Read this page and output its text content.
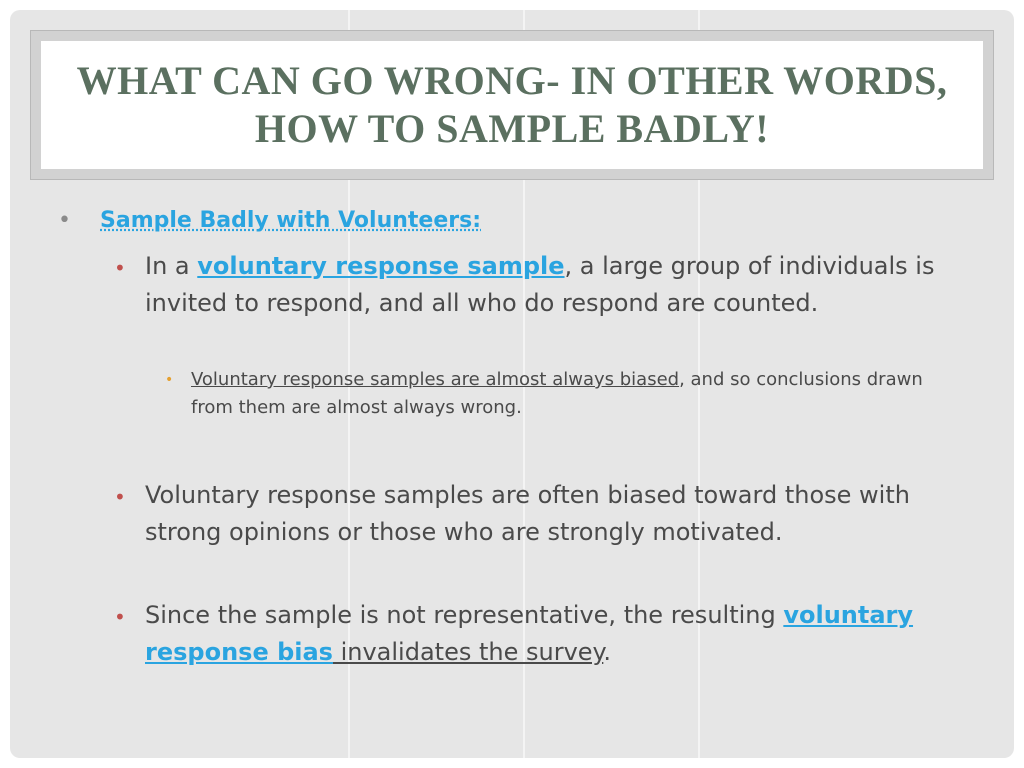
WHAT CAN GO WRONG- IN OTHER WORDS, HOW TO SAMPLE BADLY!
• Sample Badly with Volunteers:
• In a voluntary response sample, a large group of individuals is invited to respond, and all who do respond are counted.
• Voluntary response samples are almost always biased, and so conclusions drawn from them are almost always wrong.
• Voluntary response samples are often biased toward those with strong opinions or those who are strongly motivated.
• Since the sample is not representative, the resulting voluntary response bias invalidates the survey.
